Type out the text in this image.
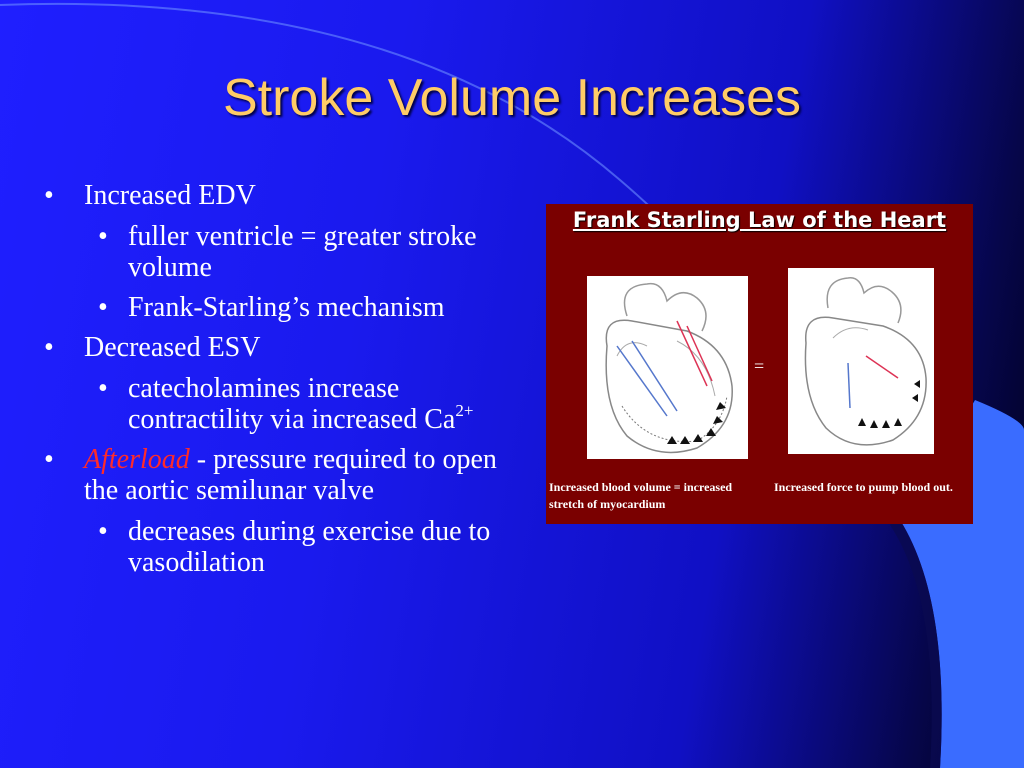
Stroke Volume Increases
• Increased EDV
• fuller ventricle = greater stroke volume
• Frank-Starling’s mechanism
• Decreased ESV
• catecholamines increase contractility via increased $Ca^{2+}$
• Afterload - pressure required to open the aortic semilunar valve
• decreases during exercise due to vasodilation
Frank Starling Law of the Heart
=
Increased blood volume = increased stretch of myocardium
Increased force to pump blood out.
